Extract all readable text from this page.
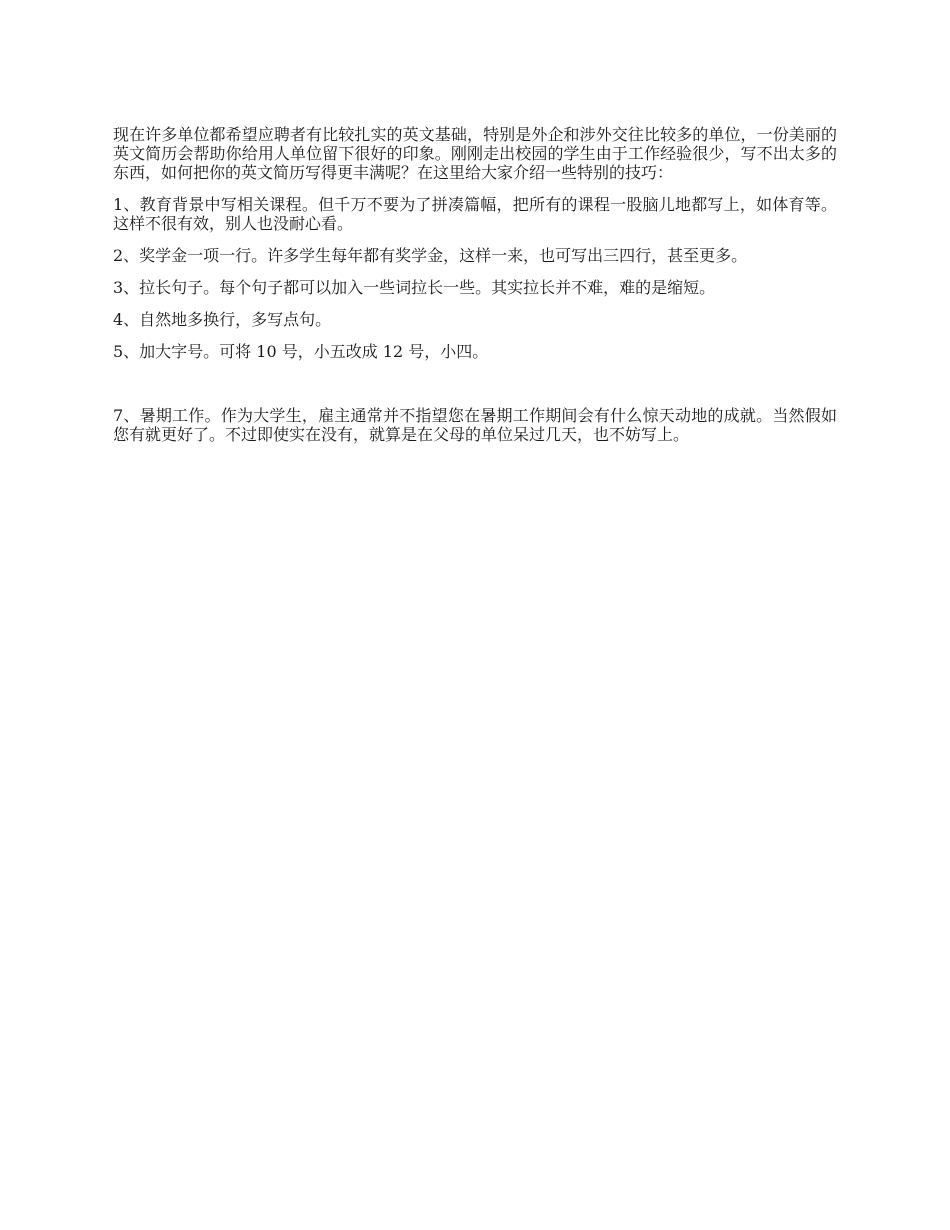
现在许多单位都希望应聘者有比较扎实的英文基础，特别是外企和涉外交往比较多的单位，一份美丽的英文简历会帮助你给用人单位留下很好的印象。刚刚走出校园的学生由于工作经验很少，写不出太多的东西，如何把你的英文简历写得更丰满呢？在这里给大家介绍一些特别的技巧：

1、教育背景中写相关课程。但千万不要为了拼凑篇幅，把所有的课程一股脑儿地都写上，如体育等。这样不很有效，别人也没耐心看。

2、奖学金一项一行。许多学生每年都有奖学金，这样一来，也可写出三四行，甚至更多。

3、拉长句子。每个句子都可以加入一些词拉长一些。其实拉长并不难，难的是缩短。

4、自然地多换行，多写点句。

5、加大字号。可将 10 号，小五改成 12 号，小四。

7、暑期工作。作为大学生，雇主通常并不指望您在暑期工作期间会有什么惊天动地的成就。当然假如您有就更好了。不过即使实在没有，就算是在父母的单位呆过几天，也不妨写上。
